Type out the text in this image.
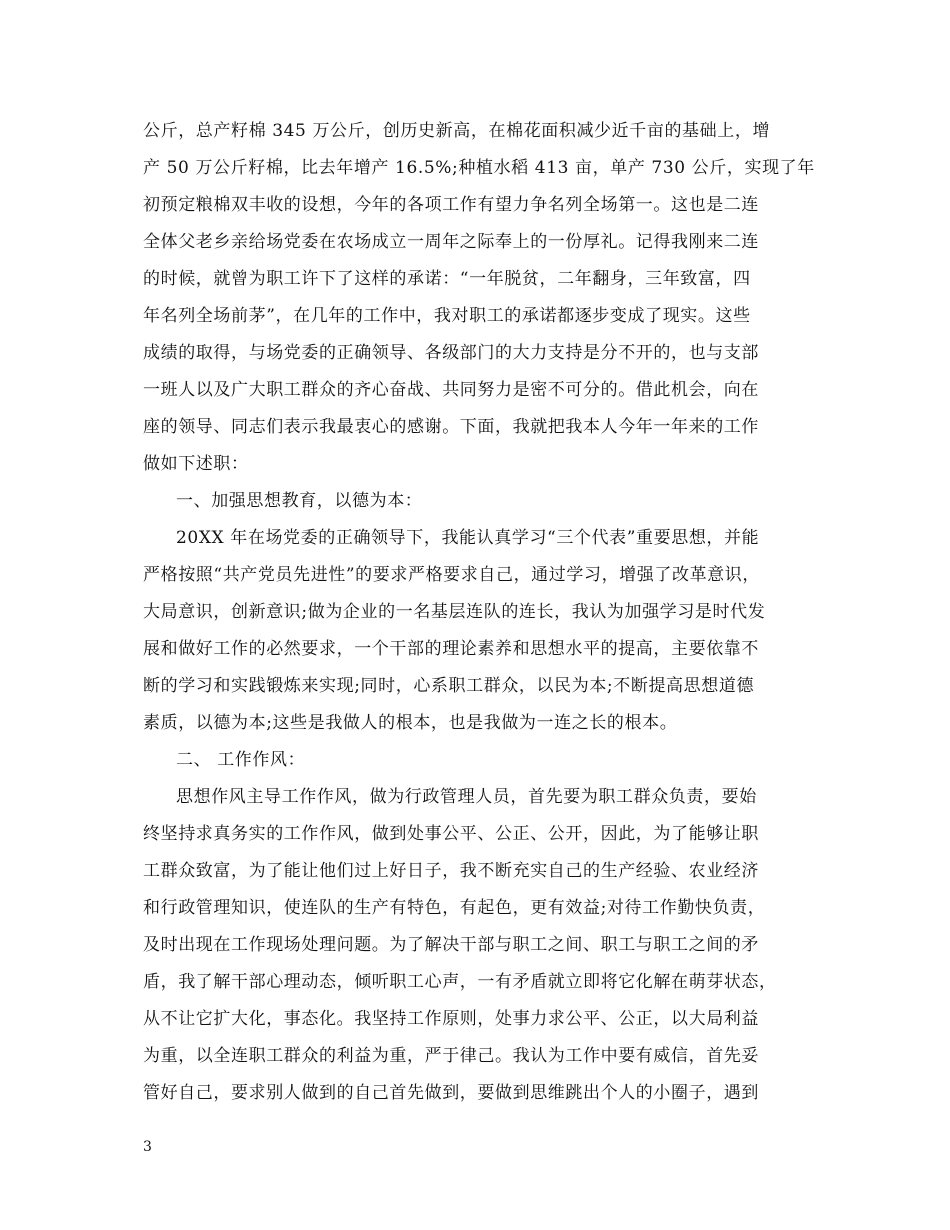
公斤，总产籽棉 345 万公斤，创历史新高，在棉花面积减少近千亩的基础上，增
产 50 万公斤籽棉，比去年增产 16.5%;种植水稻 413 亩，单产 730 公斤，实现了年
初预定粮棉双丰收的设想，今年的各项工作有望力争名列全场第一。这也是二连
全体父老乡亲给场党委在农场成立一周年之际奉上的一份厚礼。记得我刚来二连
的时候，就曾为职工许下了这样的承诺：“一年脱贫，二年翻身，三年致富，四
年名列全场前茅”，在几年的工作中，我对职工的承诺都逐步变成了现实。这些
成绩的取得，与场党委的正确领导、各级部门的大力支持是分不开的，也与支部
一班人以及广大职工群众的齐心奋战、共同努力是密不可分的。借此机会，向在
座的领导、同志们表示我最衷心的感谢。下面，我就把我本人今年一年来的工作
做如下述职：
一、加强思想教育，以德为本：
20XX 年在场党委的正确领导下，我能认真学习“三个代表”重要思想，并能
严格按照“共产党员先进性”的要求严格要求自己，通过学习，增强了改革意识，
大局意识，创新意识;做为企业的一名基层连队的连长，我认为加强学习是时代发
展和做好工作的必然要求，一个干部的理论素养和思想水平的提高，主要依靠不
断的学习和实践锻炼来实现;同时，心系职工群众，以民为本;不断提高思想道德
素质，以德为本;这些是我做人的根本，也是我做为一连之长的根本。
二、 工作作风：
思想作风主导工作作风，做为行政管理人员，首先要为职工群众负责，要始
终坚持求真务实的工作作风，做到处事公平、公正、公开，因此，为了能够让职
工群众致富，为了能让他们过上好日子，我不断充实自己的生产经验、农业经济
和行政管理知识，使连队的生产有特色，有起色，更有效益;对待工作勤快负责，
及时出现在工作现场处理问题。为了解决干部与职工之间、职工与职工之间的矛
盾，我了解干部心理动态，倾听职工心声，一有矛盾就立即将它化解在萌芽状态，
从不让它扩大化，事态化。我坚持工作原则，处事力求公平、公正，以大局利益
为重，以全连职工群众的利益为重，严于律己。我认为工作中要有威信，首先妥
管好自己，要求别人做到的自己首先做到，要做到思维跳出个人的小圈子，遇到
3
